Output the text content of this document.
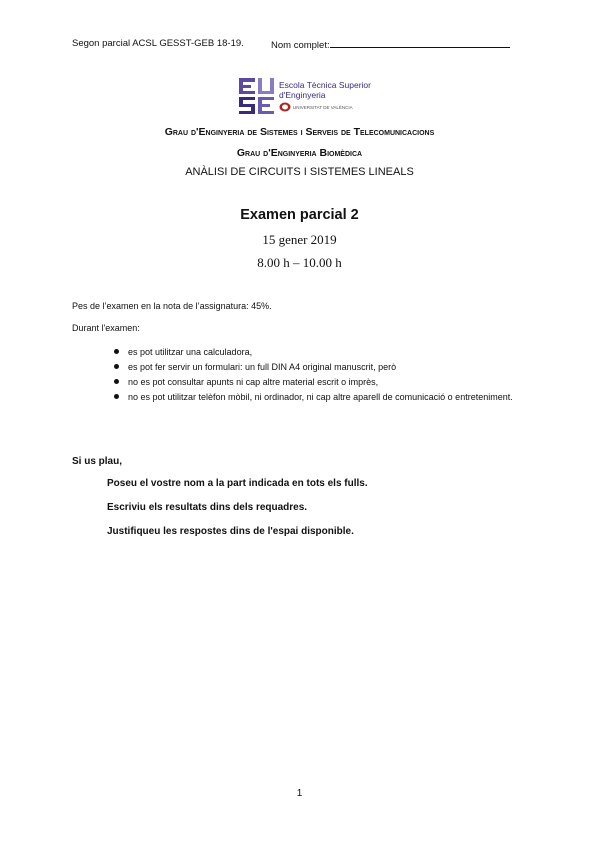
Segon parcial ACSL GESST-GEB 18-19.	Nom complet:
Escola Tècnica Superior
d'Enginyeria
UNIVERSITAT DE VALÈNCIA
Grau d'Enginyeria de Sistemes i Serveis de Telecomunicacions
Grau d'Enginyeria Biomèdica
ANÀLISI DE CIRCUITS I SISTEMES LINEALS
Examen parcial 2
15 gener 2019
8.00 h – 10.00 h
Pes de l’examen en la nota de l’assignatura: 45%.
Durant l'examen:
es pot utilitzar una calculadora,
es pot fer servir un formulari: un full DIN A4 original manuscrit, però
no es pot consultar apunts ni cap altre material escrit o imprès,
no es pot utilitzar telèfon mòbil, ni ordinador, ni cap altre aparell de comunicació o entreteniment.
Si us plau,
Poseu el vostre nom a la part indicada en tots els fulls.
Escriviu els resultats dins dels requadres.
Justifiqueu les respostes dins de l'espai disponible.
1
